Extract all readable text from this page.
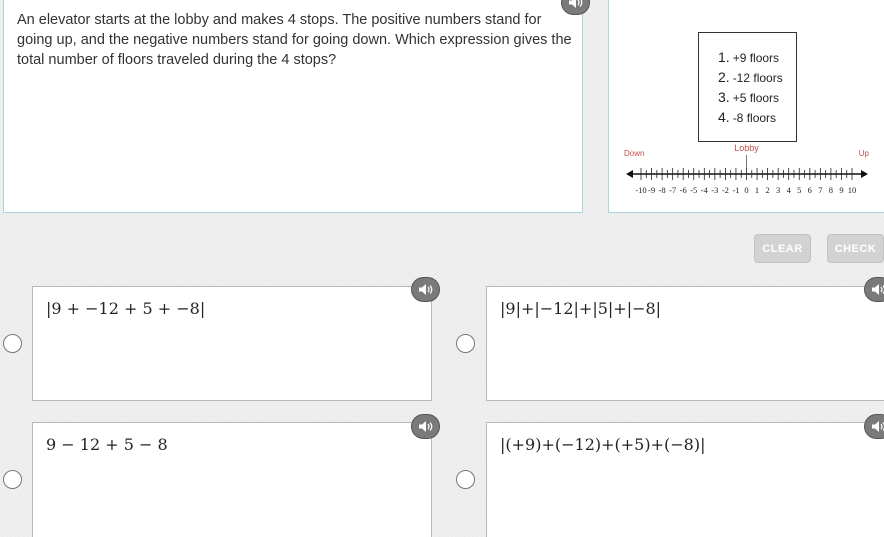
An elevator starts at the lobby and makes 4 stops. The positive numbers stand for going up, and the negative numbers stand for going down. Which expression gives the total number of floors traveled during the 4 stops?	1. +9 floors
2. -12 floors
3. +5 floors
4. -8 floors
Down	Up
Lobby
-10 -9 -8 -7 -6 -5 -4 -3 -2 -1 0 1 2 3 4 5 6 7 8 9 10
CLEAR	CHECK
|9 + −12 + 5 + −8|	|9|+|−12|+|5|+|−8|
9 − 12 + 5 − 8	|(+9)+(−12)+(+5)+(−8)|
